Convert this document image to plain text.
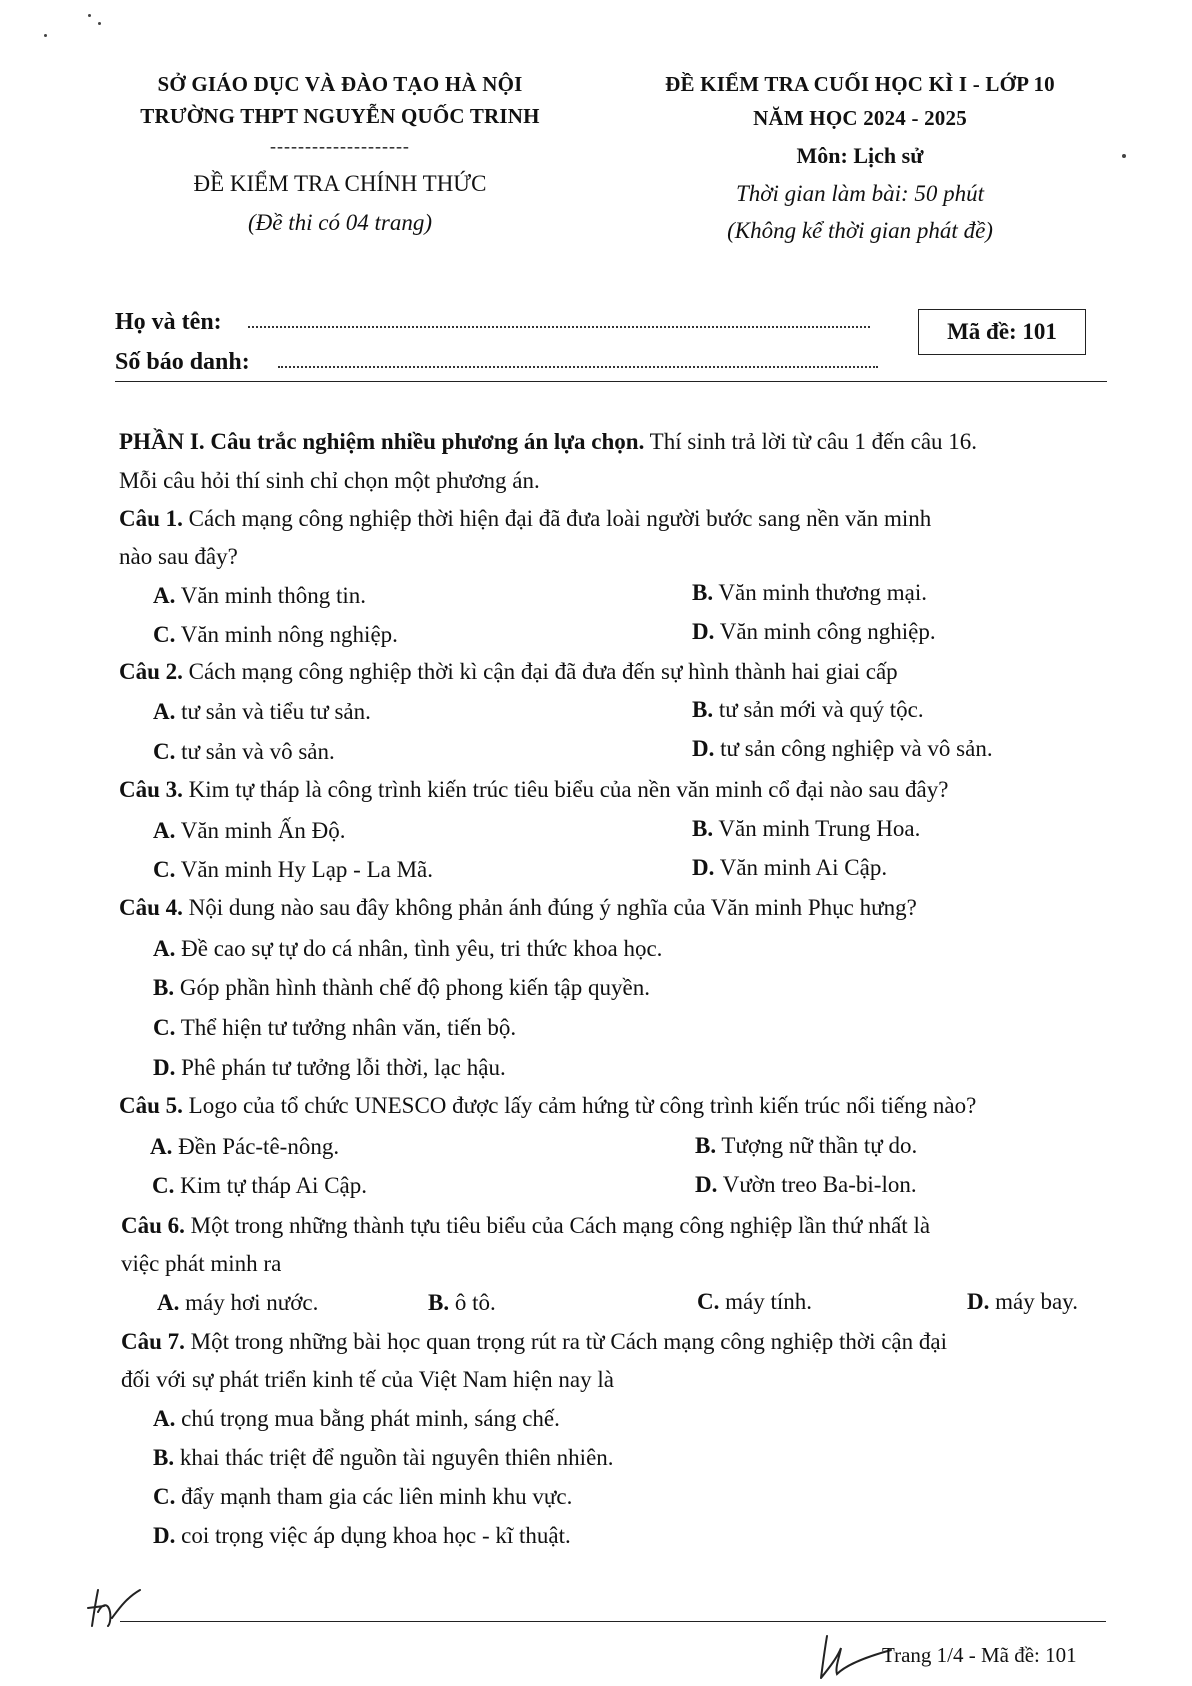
SỞ GIÁO DỤC VÀ ĐÀO TẠO HÀ NỘI
TRƯỜNG THPT NGUYỄN QUỐC TRINH
--------------------
ĐỀ KIỂM TRA CHÍNH THỨC
(Đề thi có 04 trang)
ĐỀ KIỂM TRA CUỐI HỌC KÌ I - LỚP 10
NĂM HỌC 2024 - 2025
Môn: Lịch sử
Thời gian làm bài: 50 phút
(Không kể thời gian phát đề)
Họ và tên:
Số báo danh:
Mã đề: 101
PHẦN I. Câu trắc nghiệm nhiều phương án lựa chọn. Thí sinh trả lời từ câu 1 đến câu 16.
Mỗi câu hỏi thí sinh chỉ chọn một phương án.
Câu 1. Cách mạng công nghiệp thời hiện đại đã đưa loài người bước sang nền văn minh
nào sau đây?
A. Văn minh thông tin.	B. Văn minh thương mại.
C. Văn minh nông nghiệp.	D. Văn minh công nghiệp.
Câu 2. Cách mạng công nghiệp thời kì cận đại đã đưa đến sự hình thành hai giai cấp
A. tư sản và tiểu tư sản.	B. tư sản mới và quý tộc.
C. tư sản và vô sản.	D. tư sản công nghiệp và vô sản.
Câu 3. Kim tự tháp là công trình kiến trúc tiêu biểu của nền văn minh cổ đại nào sau đây?
A. Văn minh Ấn Độ.	B. Văn minh Trung Hoa.
C. Văn minh Hy Lạp - La Mã.	D. Văn minh Ai Cập.
Câu 4. Nội dung nào sau đây không phản ánh đúng ý nghĩa của Văn minh Phục hưng?
A. Đề cao sự tự do cá nhân, tình yêu, tri thức khoa học.
B. Góp phần hình thành chế độ phong kiến tập quyền.
C. Thể hiện tư tưởng nhân văn, tiến bộ.
D. Phê phán tư tưởng lỗi thời, lạc hậu.
Câu 5. Logo của tổ chức UNESCO được lấy cảm hứng từ công trình kiến trúc nổi tiếng nào?
A. Đền Pác-tê-nông.	B. Tượng nữ thần tự do.
C. Kim tự tháp Ai Cập.	D. Vườn treo Ba-bi-lon.
Câu 6. Một trong những thành tựu tiêu biểu của Cách mạng công nghiệp lần thứ nhất là
việc phát minh ra
A. máy hơi nước.	B. ô tô.	C. máy tính.	D. máy bay.
Câu 7. Một trong những bài học quan trọng rút ra từ Cách mạng công nghiệp thời cận đại
đối với sự phát triển kinh tế của Việt Nam hiện nay là
A. chú trọng mua bằng phát minh, sáng chế.
B. khai thác triệt để nguồn tài nguyên thiên nhiên.
C. đẩy mạnh tham gia các liên minh khu vực.
D. coi trọng việc áp dụng khoa học - kĩ thuật.
Trang 1/4 - Mã đề: 101
